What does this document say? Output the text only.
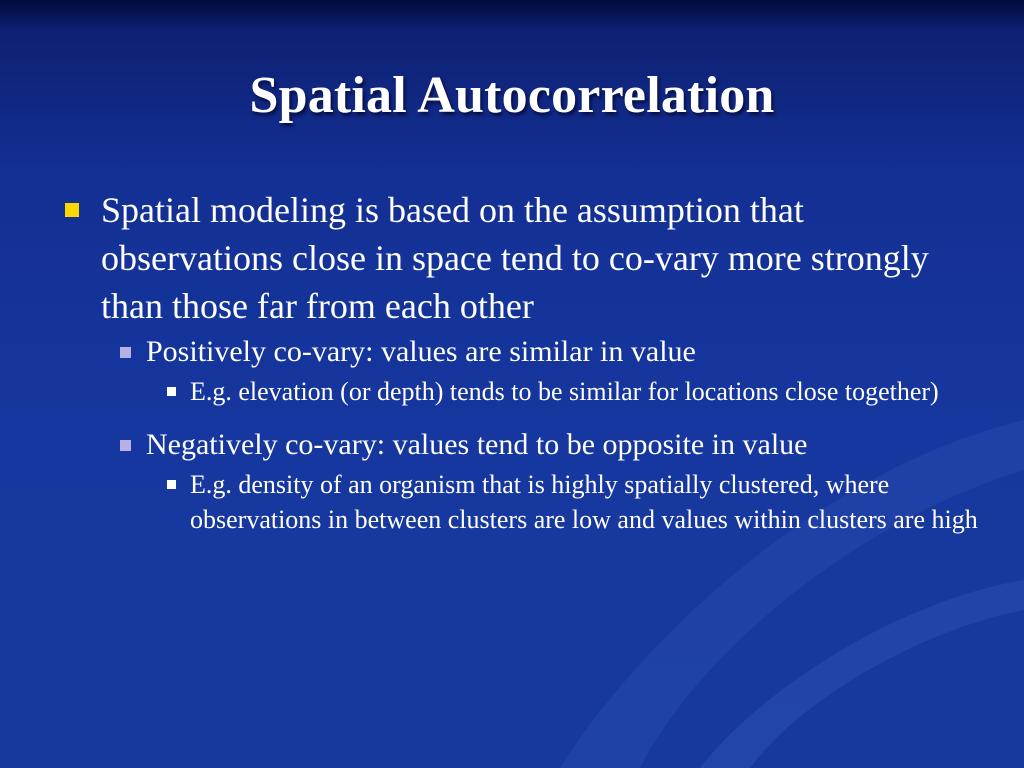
Spatial Autocorrelation
Spatial modeling is based on the assumption that observations close in space tend to co-vary more strongly than those far from each other
Positively co-vary: values are similar in value
E.g. elevation (or depth) tends to be similar for locations close together)
Negatively co-vary: values tend to be opposite in value
E.g. density of an organism that is highly spatially clustered, where observations in between clusters are low and values within clusters are high
